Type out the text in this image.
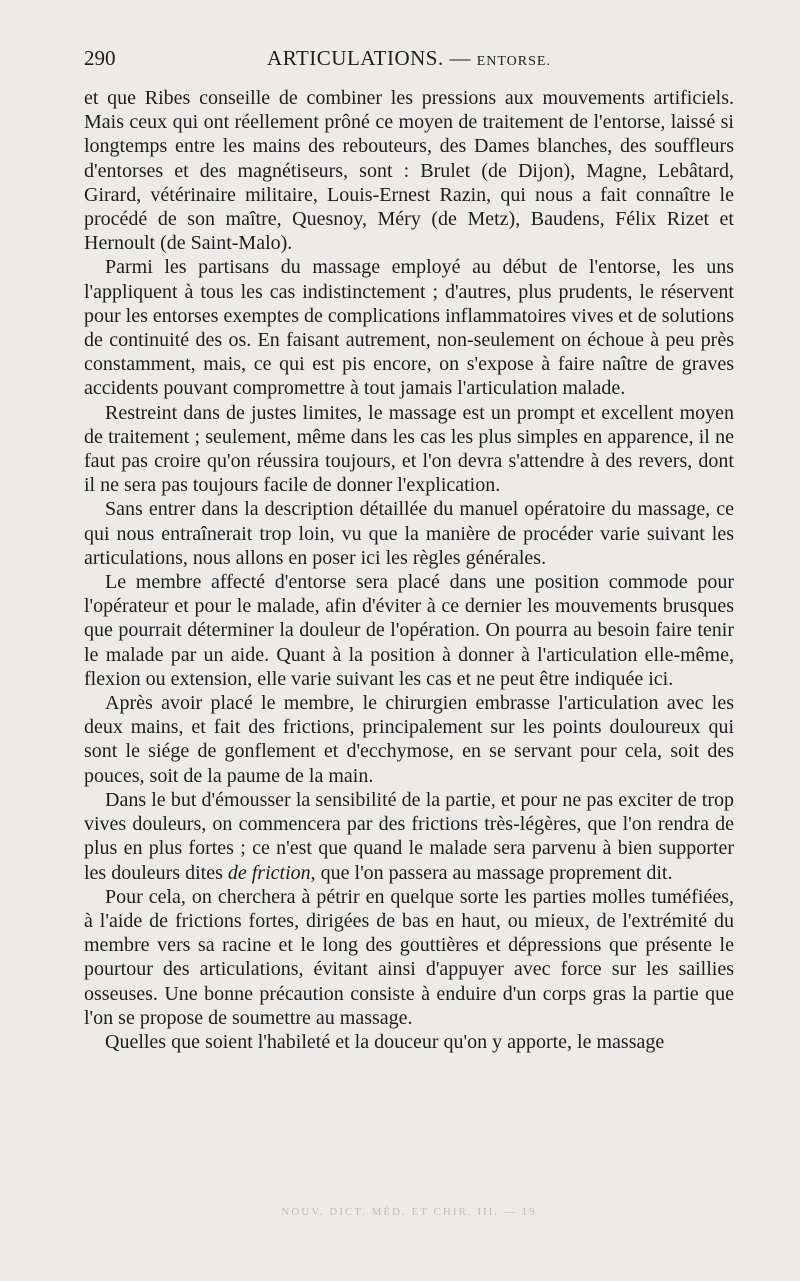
290	ARTICULATIONS. — ENTORSE.

et que Ribes conseille de combiner les pressions aux mouvements artificiels. Mais ceux qui ont réellement prôné ce moyen de traitement de l'entorse, laissé si longtemps entre les mains des rebouteurs, des Dames blanches, des souffleurs d'entorses et des magnétiseurs, sont : Brulet (de Dijon), Magne, Lebâtard, Girard, vétérinaire militaire, Louis-Ernest Razin, qui nous a fait connaître le procédé de son maître, Quesnoy, Méry (de Metz), Baudens, Félix Rizet et Hernoult (de Saint-Malo).

Parmi les partisans du massage employé au début de l'entorse, les uns l'appliquent à tous les cas indistinctement ; d'autres, plus prudents, le réservent pour les entorses exemptes de complications inflammatoires vives et de solutions de continuité des os. En faisant autrement, non-seulement on échoue à peu près constamment, mais, ce qui est pis encore, on s'expose à faire naître de graves accidents pouvant compromettre à tout jamais l'articulation malade.

Restreint dans de justes limites, le massage est un prompt et excellent moyen de traitement ; seulement, même dans les cas les plus simples en apparence, il ne faut pas croire qu'on réussira toujours, et l'on devra s'attendre à des revers, dont il ne sera pas toujours facile de donner l'explication.

Sans entrer dans la description détaillée du manuel opératoire du massage, ce qui nous entraînerait trop loin, vu que la manière de procéder varie suivant les articulations, nous allons en poser ici les règles générales.

Le membre affecté d'entorse sera placé dans une position commode pour l'opérateur et pour le malade, afin d'éviter à ce dernier les mouvements brusques que pourrait déterminer la douleur de l'opération. On pourra au besoin faire tenir le malade par un aide. Quant à la position à donner à l'articulation elle-même, flexion ou extension, elle varie suivant les cas et ne peut être indiquée ici.

Après avoir placé le membre, le chirurgien embrasse l'articulation avec les deux mains, et fait des frictions, principalement sur les points douloureux qui sont le siége de gonflement et d'ecchymose, en se servant pour cela, soit des pouces, soit de la paume de la main.

Dans le but d'émousser la sensibilité de la partie, et pour ne pas exciter de trop vives douleurs, on commencera par des frictions très-légères, que l'on rendra de plus en plus fortes ; ce n'est que quand le malade sera parvenu à bien supporter les douleurs dites de friction, que l'on passera au massage proprement dit.

Pour cela, on cherchera à pétrir en quelque sorte les parties molles tuméfiées, à l'aide de frictions fortes, dirigées de bas en haut, ou mieux, de l'extrémité du membre vers sa racine et le long des gouttières et dépressions que présente le pourtour des articulations, évitant ainsi d'appuyer avec force sur les saillies osseuses. Une bonne précaution consiste à enduire d'un corps gras la partie que l'on se propose de soumettre au massage.

Quelles que soient l'habileté et la douceur qu'on y apporte, le massage

NOUV. DICT. MÉD. ET CHIR. III. — 19
